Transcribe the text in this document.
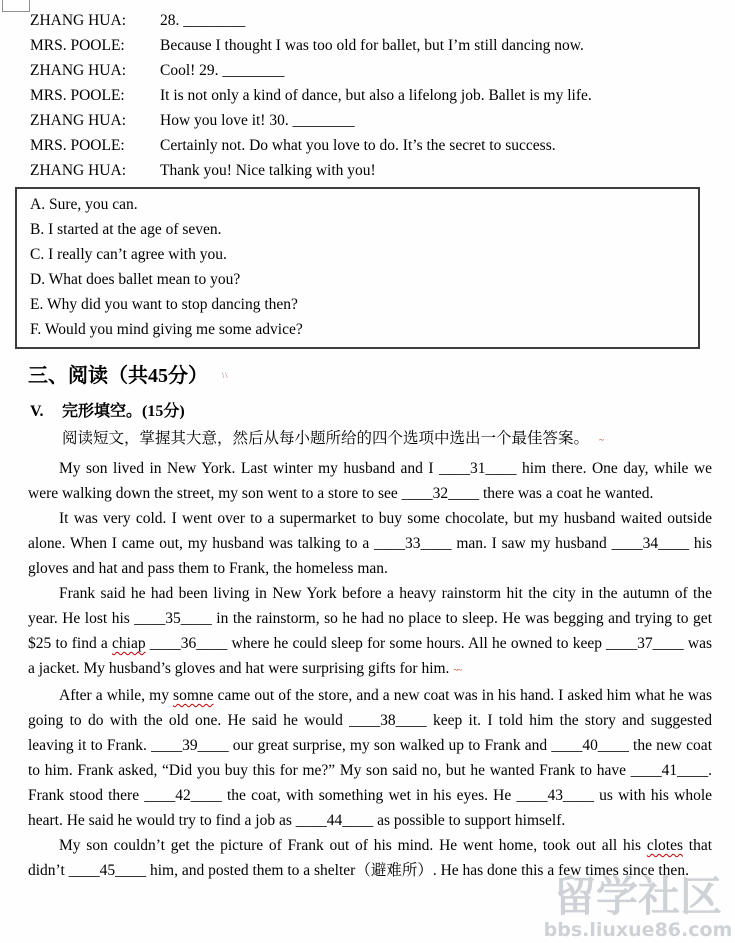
ZHANG HUA:	28. ________
MRS. POOLE:	Because I thought I was too old for ballet, but I’m still dancing now.
ZHANG HUA:	Cool! 29. ________
MRS. POOLE:	It is not only a kind of dance, but also a lifelong job. Ballet is my life.
ZHANG HUA:	How you love it! 30. ________
MRS. POOLE:	Certainly not. Do what you love to do. It’s the secret to success.
ZHANG HUA:	Thank you! Nice talking with you!
A. Sure, you can.
B. I started at the age of seven.
C. I really can’t agree with you.
D. What does ballet mean to you?
E. Why did you want to stop dancing then?
F. Would you mind giving me some advice?
三、阅读（共45分） \\
V. 完形填空。(15分)
阅读短文，掌握其大意，然后从每小题所给的四个选项中选出一个最佳答案。 ~

My son lived in New York. Last winter my husband and I ____31____ him there. One day, while we were walking down the street, my son went to a store to see ____32____ there was a coat he wanted.

It was very cold. I went over to a supermarket to buy some chocolate, but my husband waited outside alone. When I came out, my husband was talking to a ____33____ man. I saw my husband ____34____ his gloves and hat and pass them to Frank, the homeless man.

Frank said he had been living in New York before a heavy rainstorm hit the city in the autumn of the year. He lost his ____35____ in the rainstorm, so he had no place to sleep. He was begging and trying to get $25 to find a chiap ____36____ where he could sleep for some hours. All he owned to keep ____37____ was a jacket. My husband’s gloves and hat were surprising gifts for him. ~~

After a while, my somne came out of the store, and a new coat was in his hand. I asked him what he was going to do with the old one. He said he would ____38____ keep it. I told him the story and suggested leaving it to Frank. ____39____ our great surprise, my son walked up to Frank and ____40____ the new coat to him. Frank asked, “Did you buy this for me?” My son said no, but he wanted Frank to have ____41____. Frank stood there ____42____ the coat, with something wet in his eyes. He ____43____ us with his whole heart. He said he would try to find a job as ____44____ as possible to support himself.

My son couldn’t get the picture of Frank out of his mind. He went home, took out all his clotes that didn’t ____45____ him, and posted them to a shelter（避难所）. He has done this a few times since then.

留学社区
bbs.liuxue86.com
